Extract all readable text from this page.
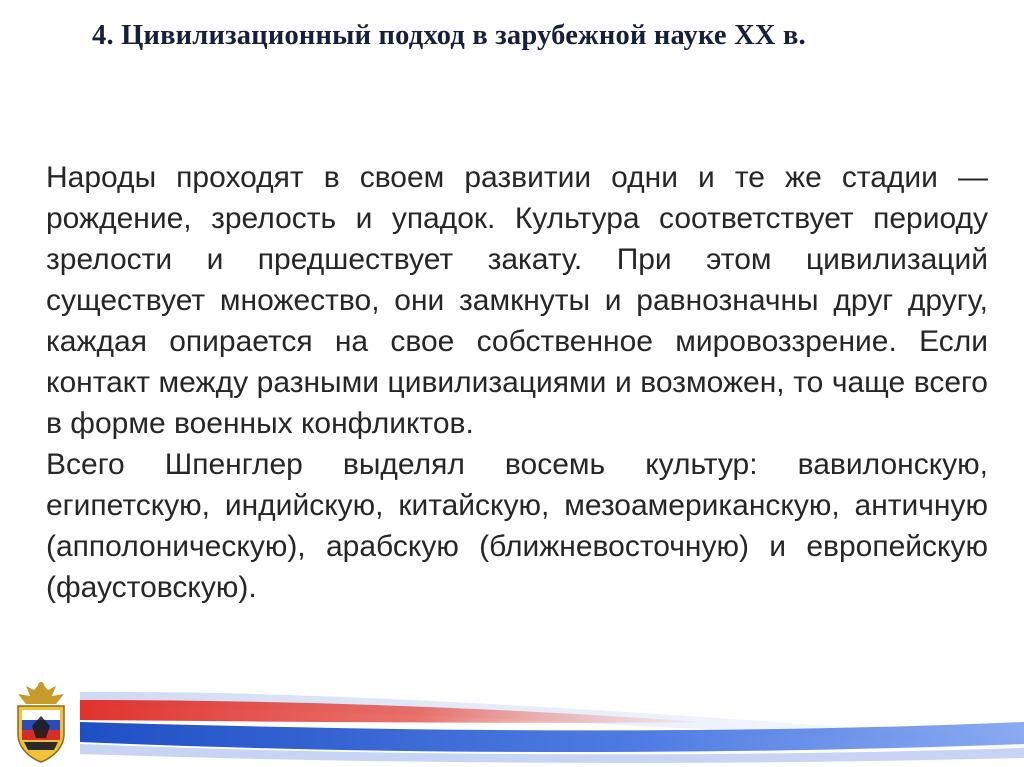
4. Цивилизационный подход в зарубежной науке XX в.

Народы проходят в своем развитии одни и те же стадии — рождение, зрелость и упадок. Культура соответствует периоду зрелости и предшествует закату. При этом цивилизаций существует множество, они замкнуты и равнозначны друг другу, каждая опирается на свое собственное мировоззрение. Если контакт между разными цивилизациями и возможен, то чаще всего в форме военных конфликтов.

Всего Шпенглер выделял восемь культур: вавилонскую, египетскую, индийскую, китайскую, мезоамериканскую, античную (апполоническую), арабскую (ближневосточную) и европейскую (фаустовскую).
